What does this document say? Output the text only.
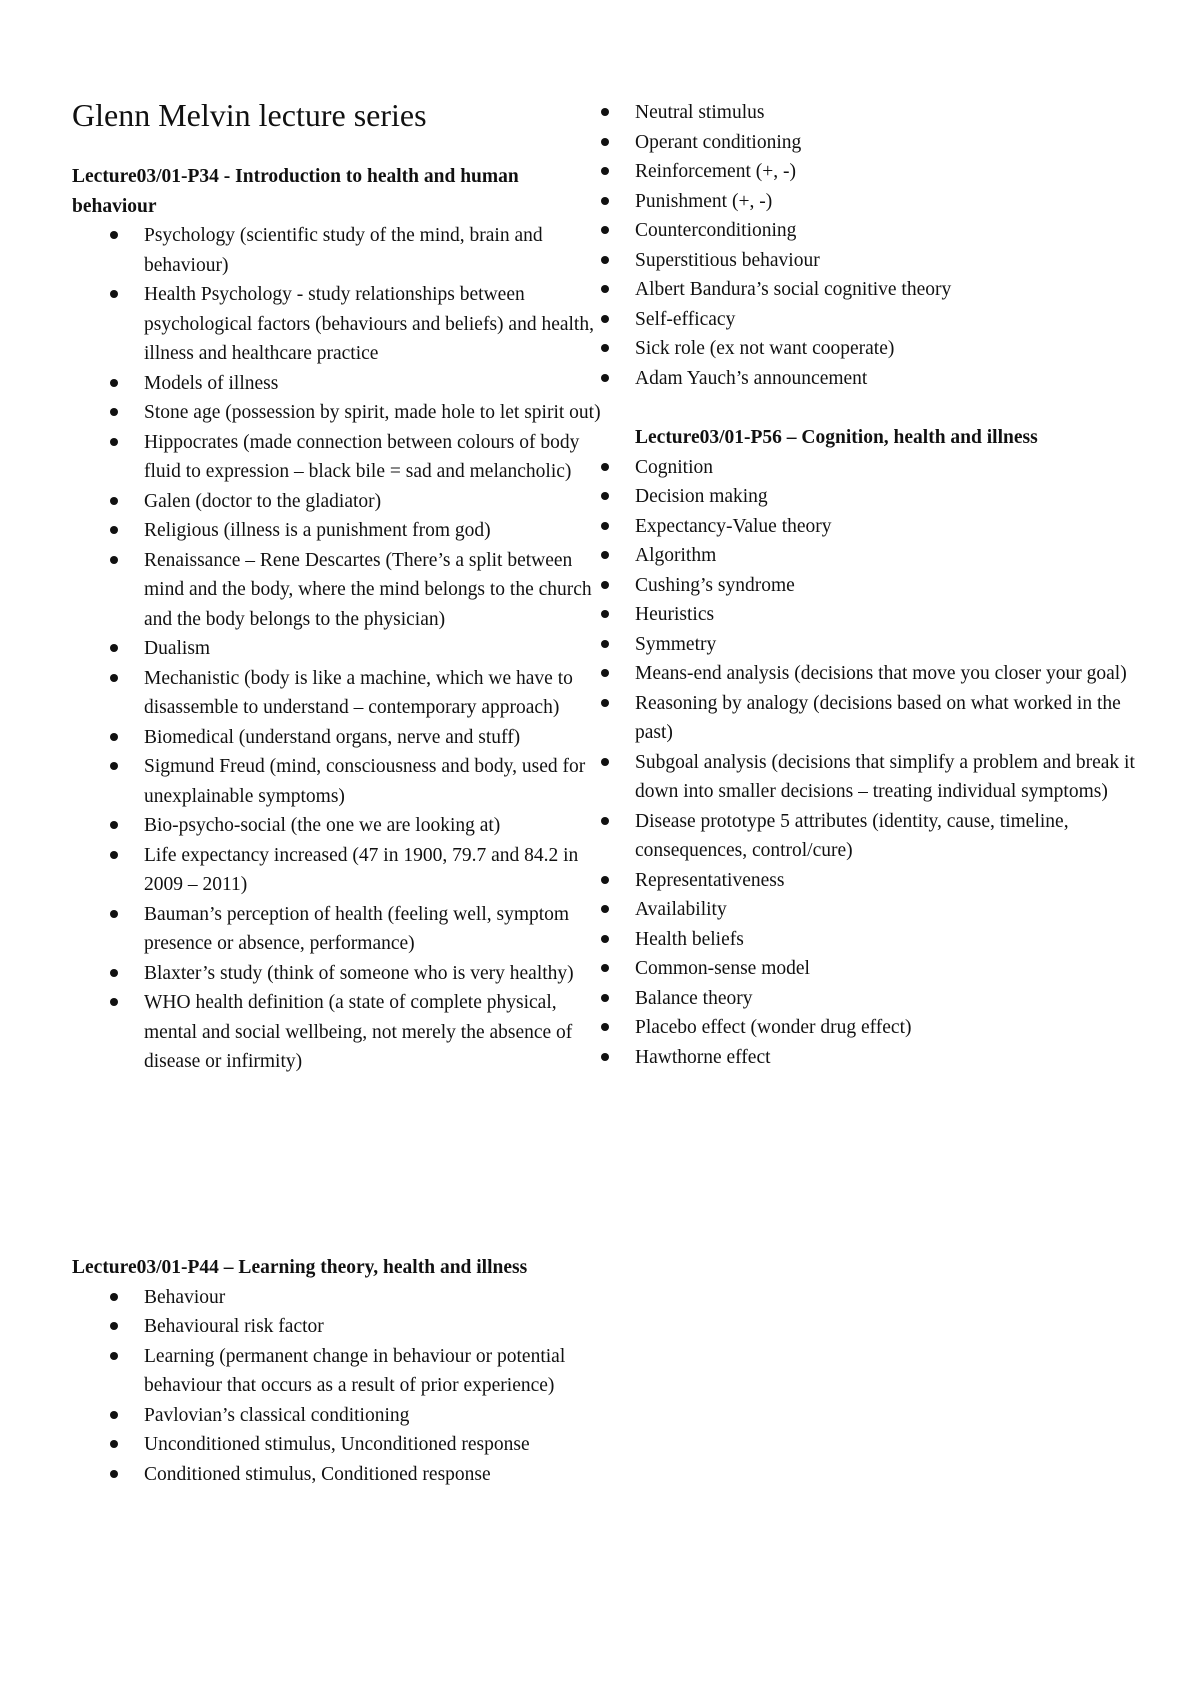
Glenn Melvin lecture series

Lecture03/01-P34 - Introduction to health and human behaviour

Psychology (scientific study of the mind, brain and behaviour)
Health Psychology - study relationships between psychological factors (behaviours and beliefs) and health, illness and healthcare practice
Models of illness
Stone age (possession by spirit, made hole to let spirit out)
Hippocrates (made connection between colours of body fluid to expression – black bile = sad and melancholic)
Galen (doctor to the gladiator)
Religious (illness is a punishment from god)
Renaissance – Rene Descartes (There’s a split between mind and the body, where the mind belongs to the church and the body belongs to the physician)
Dualism
Mechanistic (body is like a machine, which we have to disassemble to understand – contemporary approach)
Biomedical (understand organs, nerve and stuff)
Sigmund Freud (mind, consciousness and body, used for unexplainable symptoms)
Bio-psycho-social (the one we are looking at)
Life expectancy increased (47 in 1900, 79.7 and 84.2 in 2009 – 2011)
Bauman’s perception of health (feeling well, symptom presence or absence, performance)
Blaxter’s study (think of someone who is very healthy)
WHO health definition (a state of complete physical, mental and social wellbeing, not merely the absence of disease or infirmity)

Lecture03/01-P44 – Learning theory, health and illness

Behaviour
Behavioural risk factor
Learning (permanent change in behaviour or potential behaviour that occurs as a result of prior experience)
Pavlovian’s classical conditioning
Unconditioned stimulus, Unconditioned response
Conditioned stimulus, Conditioned response
Neutral stimulus
Operant conditioning
Reinforcement (+, -)
Punishment (+, -)
Counterconditioning
Superstitious behaviour
Albert Bandura’s social cognitive theory
Self-efficacy
Sick role (ex not want cooperate)
Adam Yauch’s announcement

Lecture03/01-P56 – Cognition, health and illness

Cognition
Decision making
Expectancy-Value theory
Algorithm
Cushing’s syndrome
Heuristics
Symmetry
Means-end analysis (decisions that move you closer your goal)
Reasoning by analogy (decisions based on what worked in the past)
Subgoal analysis (decisions that simplify a problem and break it down into smaller decisions – treating individual symptoms)
Disease prototype 5 attributes (identity, cause, timeline, consequences, control/cure)
Representativeness
Availability
Health beliefs
Common-sense model
Balance theory
Placebo effect (wonder drug effect)
Hawthorne effect
